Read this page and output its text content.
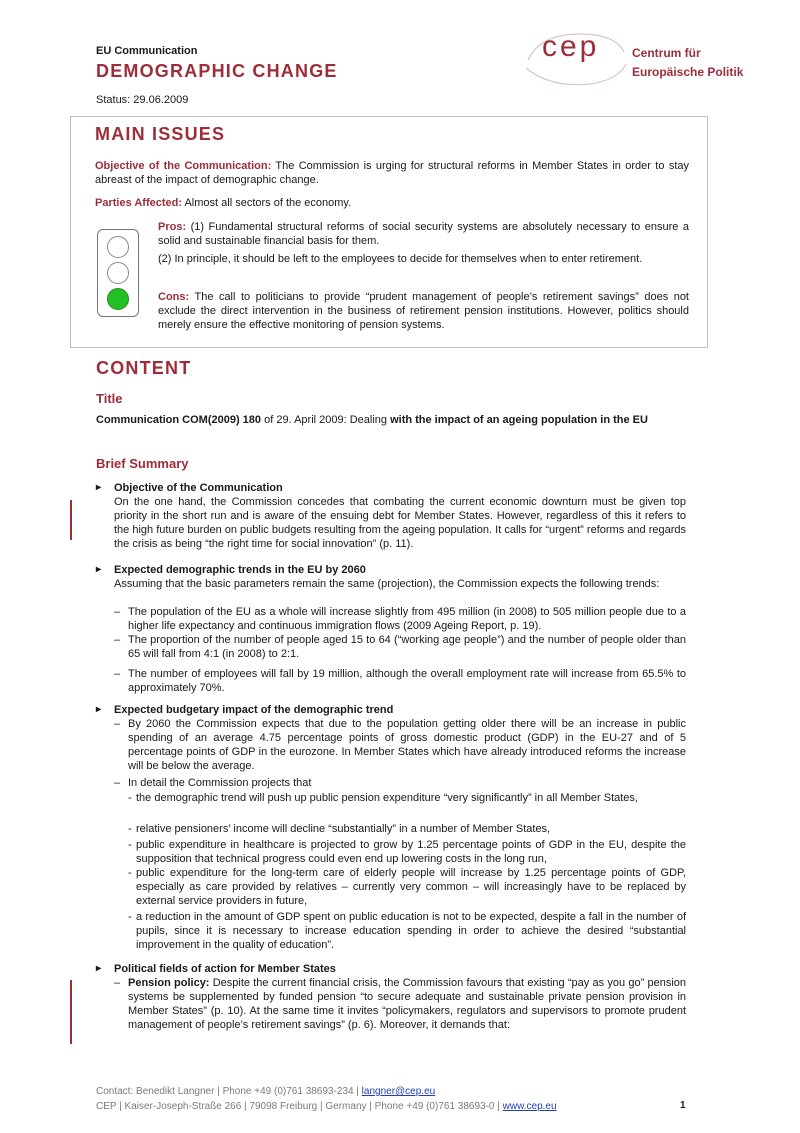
EU Communication
DEMOGRAPHIC CHANGE
Status: 29.06.2009
cep	Centrum für
Europäische Politik
MAIN ISSUES
Objective of the Communication: The Commission is urging for structural reforms in Member States in order to stay abreast of the impact of demographic change.
Parties Affected: Almost all sectors of the economy.
Pros: (1) Fundamental structural reforms of social security systems are absolutely necessary to ensure a solid and sustainable financial basis for them.
(2) In principle, it should be left to the employees to decide for themselves when to enter retirement.
Cons: The call to politicians to provide “prudent management of people’s retirement savings” does not exclude the direct intervention in the business of retirement pension institutions. However, politics should merely ensure the effective monitoring of pension systems.
CONTENT
Title
Communication COM(2009) 180 of 29. April 2009: Dealing with the impact of an ageing population in the EU
Brief Summary
▸ Objective of the Communication
On the one hand, the Commission concedes that combating the current economic downturn must be given top priority in the short run and is aware of the ensuing debt for Member States. However, regardless of this it refers to the high future burden on public budgets resulting from the ageing population. It calls for “urgent” reforms and regards the crisis as being “the right time for social innovation” (p. 11).
▸ Expected demographic trends in the EU by 2060
Assuming that the basic parameters remain the same (projection), the Commission expects the following trends:
– The population of the EU as a whole will increase slightly from 495 million (in 2008) to 505 million people due to a higher life expectancy and continuous immigration flows (2009 Ageing Report, p. 19).
– The proportion of the number of people aged 15 to 64 (“working age people”) and the number of people older than 65 will fall from 4:1 (in 2008) to 2:1.
– The number of employees will fall by 19 million, although the overall employment rate will increase from 65.5% to approximately 70%.
▸ Expected budgetary impact of the demographic trend
– By 2060 the Commission expects that due to the population getting older there will be an increase in public spending of an average 4.75 percentage points of gross domestic product (GDP) in the EU-27 and of 5 percentage points of GDP in the eurozone. In Member States which have already introduced reforms the increase will be below the average.
– In detail the Commission projects that
- the demographic trend will push up public pension expenditure “very significantly” in all Member States,
- relative pensioners’ income will decline “substantially” in a number of Member States,
- public expenditure in healthcare is projected to grow by 1.25 percentage points of GDP in the EU, despite the supposition that technical progress could even end up lowering costs in the long run,
- public expenditure for the long-term care of elderly people will increase by 1.25 percentage points of GDP, especially as care provided by relatives – currently very common – will increasingly have to be replaced by external service providers in future,
- a reduction in the amount of GDP spent on public education is not to be expected, despite a fall in the number of pupils, since it is necessary to increase education spending in order to achieve the desired “substantial improvement in the quality of education”.
▸ Political fields of action for Member States
– Pension policy: Despite the current financial crisis, the Commission favours that existing “pay as you go” pension systems be supplemented by funded pension “to secure adequate and sustainable private pension provision in Member States” (p. 10). At the same time it invites “policymakers, regulators and supervisors to promote prudent management of people’s retirement savings” (p. 6). Moreover, it demands that:
Contact: Benedikt Langner | Phone +49 (0)761 38693-234 | langner@cep.eu
CEP | Kaiser-Joseph-Straße 266 | 79098 Freiburg | Germany | Phone +49 (0)761 38693-0 | www.cep.eu	1
